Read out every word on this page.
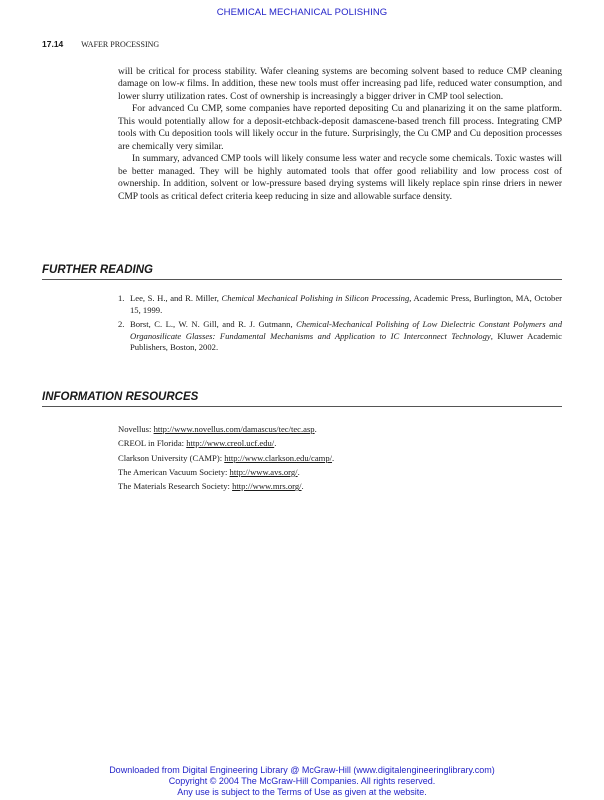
CHEMICAL MECHANICAL POLISHING
17.14 WAFER PROCESSING

will be critical for process stability. Wafer cleaning systems are becoming solvent based to reduce CMP cleaning damage on low-κ films. In addition, these new tools must offer increasing pad life, reduced water consumption, and lower slurry utilization rates. Cost of ownership is increasingly a bigger driver in CMP tool selection.

For advanced Cu CMP, some companies have reported depositing Cu and planarizing it on the same platform. This would potentially allow for a deposit-etchback-deposit damascene-based trench fill process. Integrating CMP tools with Cu deposition tools will likely occur in the future. Surprisingly, the Cu CMP and Cu deposition processes are chemically very similar.

In summary, advanced CMP tools will likely consume less water and recycle some chemicals. Toxic wastes will be better managed. They will be highly automated tools that offer good reliability and low process cost of ownership. In addition, solvent or low-pressure based drying systems will likely replace spin rinse driers in newer CMP tools as critical defect criteria keep reducing in size and allowable surface density.

FURTHER READING
1. Lee, S. H., and R. Miller, Chemical Mechanical Polishing in Silicon Processing, Academic Press, Burlington, MA, October 15, 1999.
2. Borst, C. L., W. N. Gill, and R. J. Gutmann, Chemical-Mechanical Polishing of Low Dielectric Constant Polymers and Organosilicate Glasses: Fundamental Mechanisms and Application to IC Interconnect Technology, Kluwer Academic Publishers, Boston, 2002.
INFORMATION RESOURCES
Novellus: http://www.novellus.com/damascus/tec/tec.asp.
CREOL in Florida: http://www.creol.ucf.edu/.
Clarkson University (CAMP): http://www.clarkson.edu/camp/.
The American Vacuum Society: http://www.avs.org/.
The Materials Research Society: http://www.mrs.org/.
Downloaded from Digital Engineering Library @ McGraw-Hill (www.digitalengineeringlibrary.com)
Copyright © 2004 The McGraw-Hill Companies. All rights reserved.
Any use is subject to the Terms of Use as given at the website.
